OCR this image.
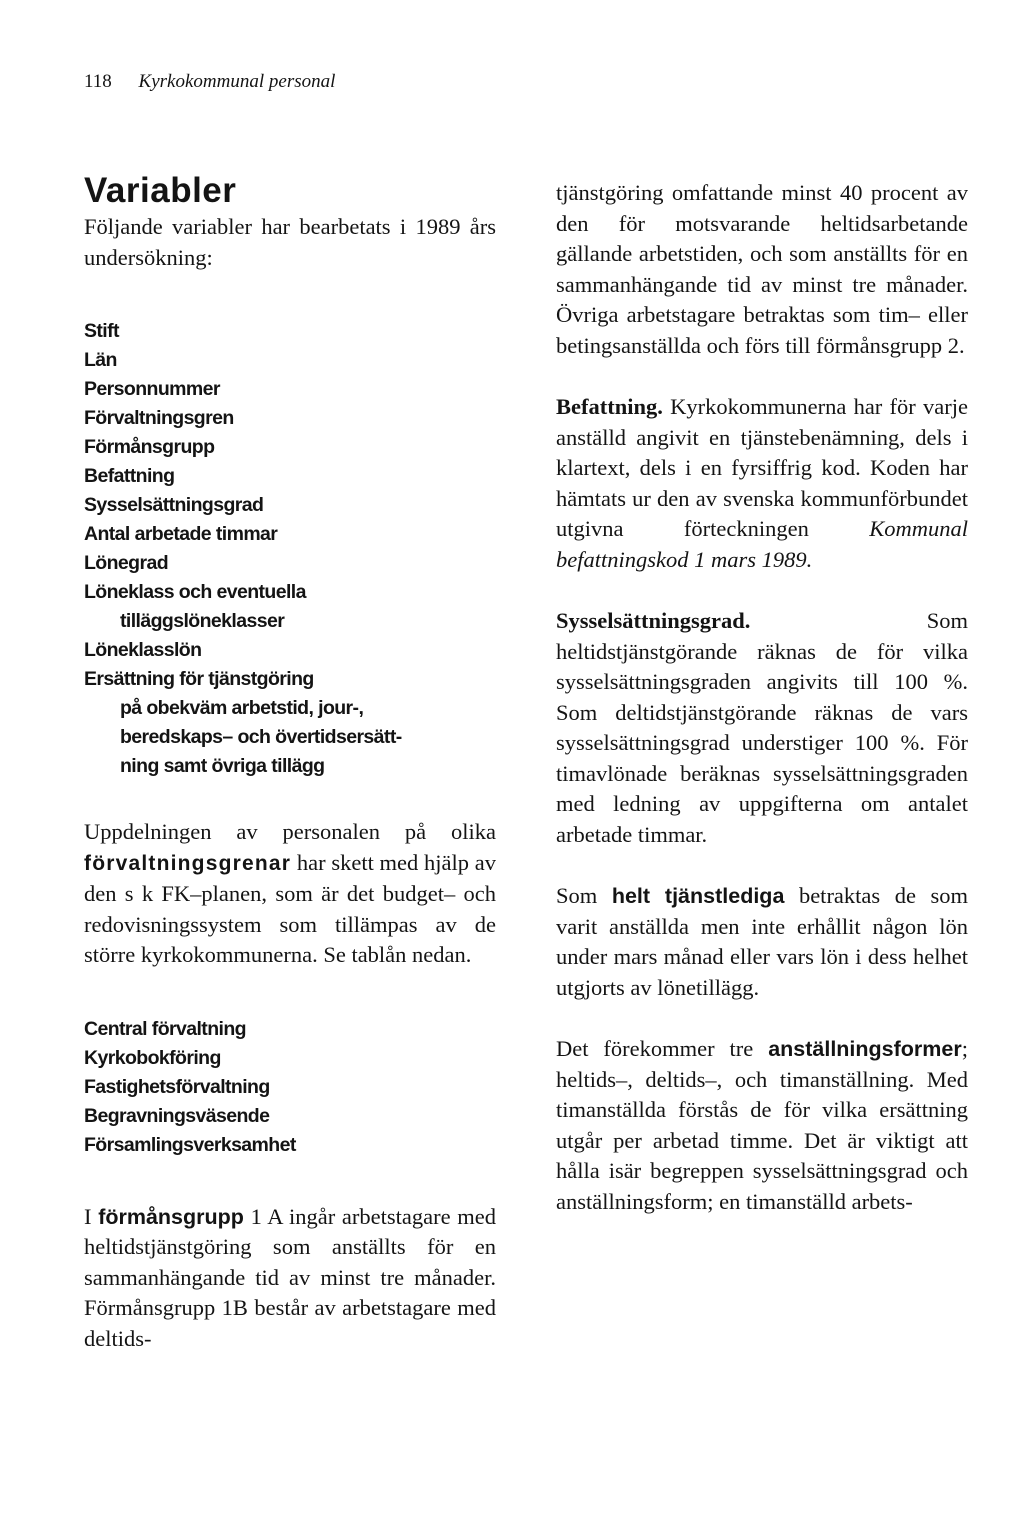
118 Kyrkokommunal personal
Variabler

Följande variabler har bearbetats i 1989 års undersökning:

Stift
Län
Personnummer
Förvaltningsgren
Förmånsgrupp
Befattning
Sysselsättningsgrad
Antal arbetade timmar
Lönegrad
Löneklass och eventuella
tilläggslöneklasser
Löneklasslön
Ersättning för tjänstgöring
på obekväm arbetstid, jour-,
beredskaps– och övertidsersätt-
ning samt övriga tillägg

Uppdelningen av personalen på olika förvaltningsgrenar har skett med hjälp av den s k FK–planen, som är det budget– och redovisningssystem som tillämpas av de större kyrkokommunerna. Se tablån nedan.

Central förvaltning
Kyrkobokföring
Fastighetsförvaltning
Begravningsväsende
Församlingsverksamhet

I förmånsgrupp 1 A ingår arbetstagare med heltidstjänstgöring som anställts för en sammanhängande tid av minst tre månader. Förmånsgrupp 1B består av arbetstagare med deltids-

tjänstgöring omfattande minst 40 procent av den för motsvarande heltidsarbetande gällande arbetstiden, och som anställts för en sammanhängande tid av minst tre månader. Övriga arbetstagare betraktas som tim– eller betingsanställda och förs till förmånsgrupp 2.

Befattning. Kyrkokommunerna har för varje anställd angivit en tjänstebenämning, dels i klartext, dels i en fyrsiffrig kod. Koden har hämtats ur den av svenska kommunförbundet utgivna förteckningen Kommunal befattningskod 1 mars 1989.

Sysselsättningsgrad. Som heltidstjänstgörande räknas de för vilka sysselsättningsgraden angivits till 100 %. Som deltidstjänstgörande räknas de vars sysselsättningsgrad understiger 100 %. För timavlönade beräknas sysselsättningsgraden med ledning av uppgifterna om antalet arbetade timmar.

Som helt tjänstlediga betraktas de som varit anställda men inte erhållit någon lön under mars månad eller vars lön i dess helhet utgjorts av lönetillägg.

Det förekommer tre anställningsformer; heltids–, deltids–, och timanställning. Med timanställda förstås de för vilka ersättning utgår per arbetad timme. Det är viktigt att hålla isär begreppen sysselsättningsgrad och anställningsform; en timanställd arbets-
